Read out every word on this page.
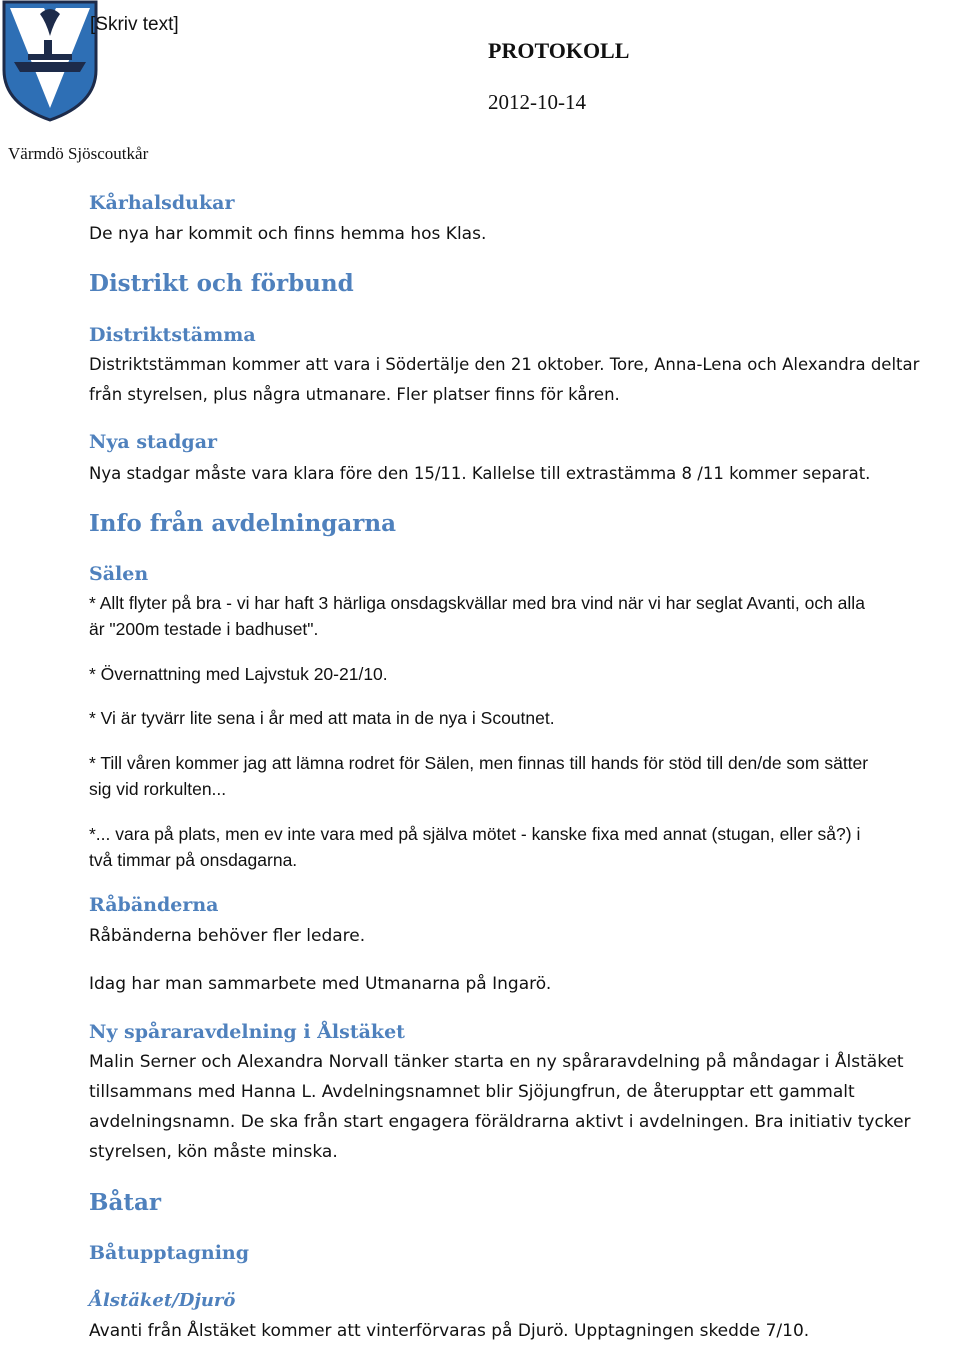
[Skriv text]
PROTOKOLL
2012-10-14
Värmdö Sjöscoutkår
Kårhalsdukar
De nya har kommit och finns hemma hos Klas.
Distrikt och förbund
Distriktstämma
Distriktstämman kommer att vara i Södertälje den 21 oktober. Tore, Anna-Lena och Alexandra deltar
från styrelsen, plus några utmanare. Fler platser finns för kåren.
Nya stadgar
Nya stadgar måste vara klara före den 15/11. Kallelse till extrastämma 8 /11 kommer separat.
Info från avdelningarna
Sälen
* Allt flyter på bra - vi har haft 3 härliga onsdagskvällar med bra vind när vi har seglat Avanti, och alla
är "200m testade i badhuset".
* Övernattning med Lajvstuk 20-21/10.
* Vi är tyvärr lite sena i år med att mata in de nya i Scoutnet.
* Till våren kommer jag att lämna rodret för Sälen, men finnas till hands för stöd till den/de som sätter
sig vid rorkulten...
*... vara på plats, men ev inte vara med på själva mötet - kanske fixa med annat (stugan, eller så?) i
två timmar på onsdagarna.
Råbänderna
Råbänderna behöver fler ledare.
Idag har man sammarbete med Utmanarna på Ingarö.
Ny spåraravdelning i Ålstäket
Malin Serner och Alexandra Norvall tänker starta en ny spåraravdelning på måndagar i Ålstäket
tillsammans med Hanna L. Avdelningsnamnet blir Sjöjungfrun, de återupptar ett gammalt
avdelningsnamn. De ska från start engagera föräldrarna aktivt i avdelningen. Bra initiativ tycker
styrelsen, kön måste minska.
Båtar
Båtupptagning
Ålstäket/Djurö
Avanti från Ålstäket kommer att vinterförvaras på Djurö. Upptagningen skedde 7/10.
